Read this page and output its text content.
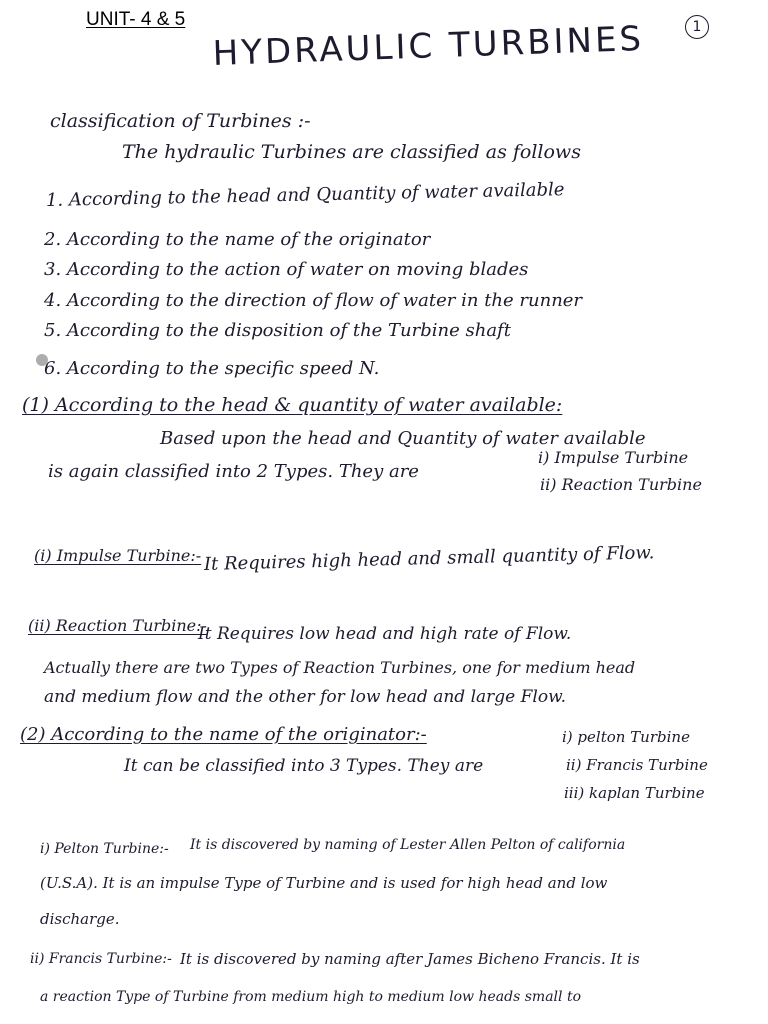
UNIT- 4 & 5	1
HYDRAULIC TURBINES
classification of Turbines :-
The hydraulic Turbines are classified as follows
1. According to the head and Quantity of water available
2. According to the name of the originator
3. According to the action of water on moving blades
4. According to the direction of flow of water in the runner
5. According to the disposition of the Turbine shaft
6. According to the specific speed N.
(1) According to the head & quantity of water available:
Based upon the head and Quantity of water available
is again classified into 2 Types. They are
i) Impulse Turbine
ii) Reaction Turbine
(i) Impulse Turbine:- It Requires high head and small quantity of Flow.
(ii) Reaction Turbine:-
It Requires low head and high rate of Flow.
Actually there are two Types of Reaction Turbines, one for medium head
and medium flow and the other for low head and large Flow.
(2) According to the name of the originator:-
It can be classified into 3 Types. They are
i) pelton Turbine
ii) Francis Turbine
iii) kaplan Turbine
i) Pelton Turbine:- It is discovered by naming of Lester Allen Pelton of california
(U.S.A). It is an impulse Type of Turbine and is used for high head and low
discharge.
ii) Francis Turbine:- It is discovered by naming after James Bicheno Francis. It is
a reaction Type of Turbine from medium high to medium low heads small to
